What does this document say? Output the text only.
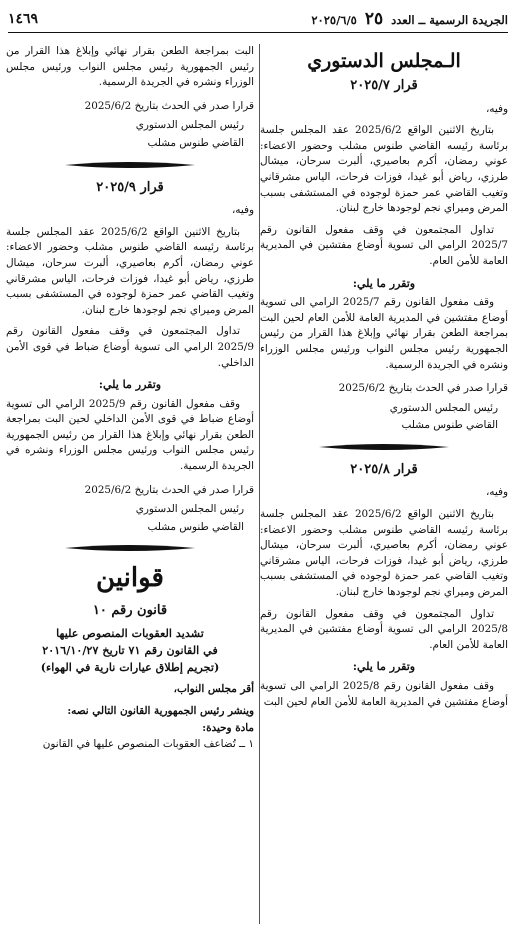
الجريدة الرسمية ــ العدد ٢٥ ٢٠٢٥/٦/٥
١٤٦٩
الـمجلس الدستوري
قرار ٢٠٢٥/٧

وفيه،

بتاريخ الاثنين الواقع 2025/6/2 عقد المجلس جلسة برئاسة رئيسه القاضي طنوس مشلب وحضور الاعضاء: عوني رمضان، أكرم بعاصيري، ألبرت سرحان، ميشال طرزي، رياض أبو غيدا، فوزات فرحات، الياس مشرقاني وتغيب القاضي عمر حمزة لوجوده في المستشفى بسبب المرض وميراي نجم لوجودها خارج لبنان.

تداول المجتمعون في وقف مفعول القانون رقم 2025/7 الرامي الى تسوية أوضاع مفتشين في المديرية العامة للأمن العام.

وتقرر ما يلي:

وقف مفعول القانون رقم 2025/7 الرامي الى تسوية أوضاع مفتشين في المديرية العامة للأمن العام لحين البت بمراجعة الطعن بقرار نهائي وإبلاغ هذا القرار من رئيس الجمهورية رئيس مجلس النواب ورئيس مجلس الوزراء ونشره في الجريدة الرسمية.

قرارا صدر في الحدث بتاريخ 2025/6/2

رئيس المجلس الدستوري

القاضي طنوس مشلب

قرار ٢٠٢٥/٨

وفيه،

بتاريخ الاثنين الواقع 2025/6/2 عقد المجلس جلسة برئاسة رئيسه القاضي طنوس مشلب وحضور الاعضاء: عوني رمضان، أكرم بعاصيري، ألبرت سرحان، ميشال طرزي، رياض أبو غيدا، فوزات فرحات، الياس مشرقاني وتغيب القاضي عمر حمزة لوجوده في المستشفى بسبب المرض وميراي نجم لوجودها خارج لبنان.

تداول المجتمعون في وقف مفعول القانون رقم 2025/8 الرامي الى تسوية أوضاع مفتشين في المديرية العامة للأمن العام.

وتقرر ما يلي:

وقف مفعول القانون رقم 2025/8 الرامي الى تسوية أوضاع مفتشين في المديرية العامة للأمن العام لحين البت

البت بمراجعة الطعن بقرار نهائي وإبلاغ هذا القرار من رئيس الجمهورية رئيس مجلس النواب ورئيس مجلس الوزراء ونشره في الجريدة الرسمية.

قرارا صدر في الحدث بتاريخ 2025/6/2

رئيس المجلس الدستوري

القاضي طنوس مشلب

قرار ٢٠٢٥/٩

وفيه،

بتاريخ الاثنين الواقع 2025/6/2 عقد المجلس جلسة برئاسة رئيسه القاضي طنوس مشلب وحضور الاعضاء: عوني رمضان، أكرم بعاصيري، ألبرت سرحان، ميشال طرزي، رياض أبو غيدا، فوزات فرحات، الياس مشرقاني وتغيب القاضي عمر حمزة لوجوده في المستشفى بسبب المرض وميراي نجم لوجودها خارج لبنان.

تداول المجتمعون في وقف مفعول القانون رقم 2025/9 الرامي الى تسوية أوضاع ضباط في قوى الأمن الداخلي.

وتقرر ما يلي:

وقف مفعول القانون رقم 2025/9 الرامي الى تسوية أوضاع ضباط في قوى الأمن الداخلي لحين البت بمراجعة الطعن بقرار نهائي وإبلاغ هذا القرار من رئيس الجمهورية رئيس مجلس النواب ورئيس مجلس الوزراء ونشره في الجريدة الرسمية.

قرارا صدر في الحدث بتاريخ 2025/6/2

رئيس المجلس الدستوري

القاضي طنوس مشلب

قوانين
قانون رقم ١٠
تشديد العقوبات المنصوص عليها
في القانون رقم ٧١ تاريخ ٢٠١٦/١٠/٢٧
(تجريم إطلاق عيارات نارية في الهواء)

أقر مجلس النواب،

وينشر رئيس الجمهورية القانون التالي نصه:

مادة وحيدة:

١ ــ تُضاعف العقوبات المنصوص عليها في القانون
